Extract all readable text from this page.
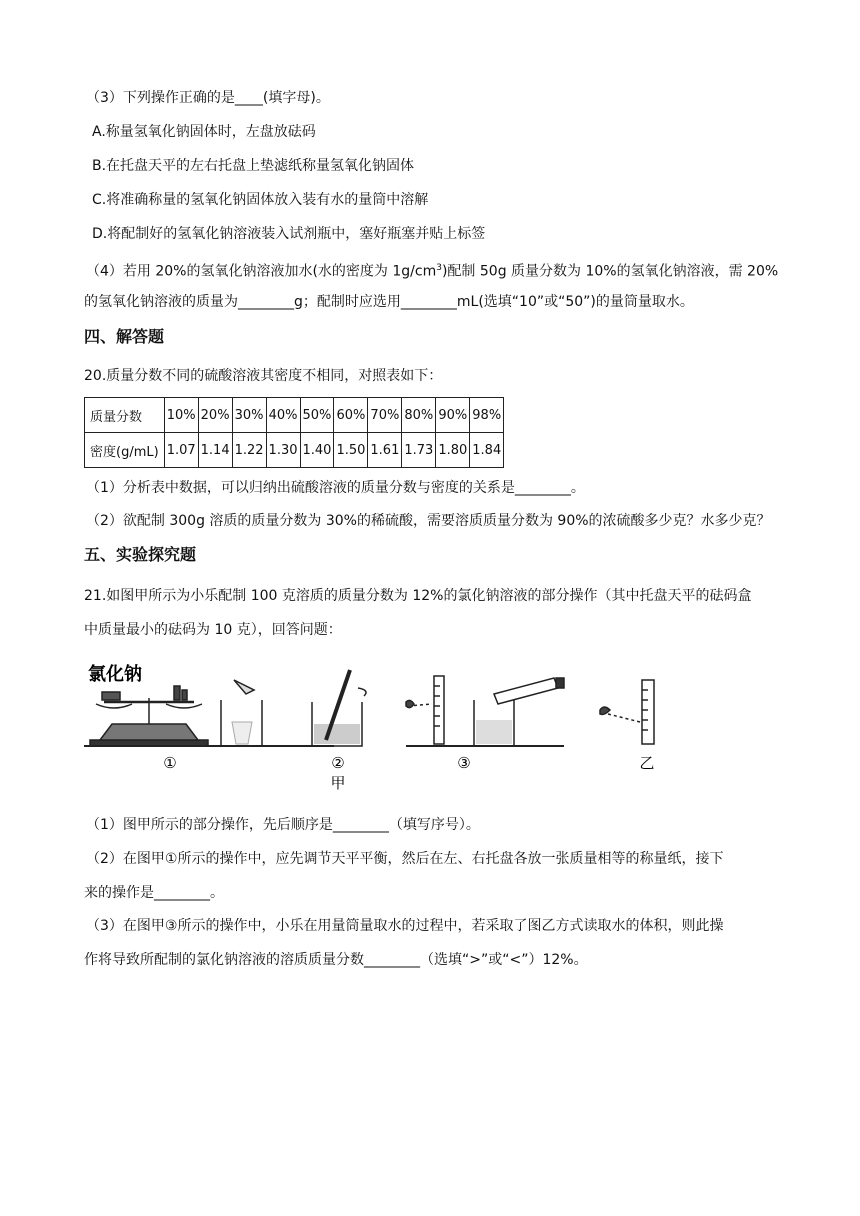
（3）下列操作正确的是____(填字母)。
A.称量氢氧化钠固体时，左盘放砝码
B.在托盘天平的左右托盘上垫滤纸称量氢氧化钠固体
C.将准确称量的氢氧化钠固体放入装有水的量筒中溶解
D.将配制好的氢氧化钠溶液装入试剂瓶中，塞好瓶塞并贴上标签
（4）若用 20%的氢氧化钠溶液加水(水的密度为 $1g/cm^3$)配制 50g 质量分数为 10%的氢氧化钠溶液，需 20%
的氢氧化钠溶液的质量为________g；配制时应选用________mL(选填“10”或“50”)的量筒量取水。
四、解答题
20.质量分数不同的硫酸溶液其密度不相同，对照表如下：
质量分数	10%	20%	30%	40%	50%	60%	70%	80%	90%	98%
密度(g/mL)	1.07	1.14	1.22	1.30	1.40	1.50	1.61	1.73	1.80	1.84
（1）分析表中数据，可以归纳出硫酸溶液的质量分数与密度的关系是________。
（2）欲配制 300g 溶质的质量分数为 30%的稀硫酸，需要溶质质量分数为 90%的浓硫酸多少克？水多少克？
五、实验探究题
21.如图甲所示为小乐配制 100 克溶质的质量分数为 12%的氯化钠溶液的部分操作（其中托盘天平的砝码盒
中质量最小的砝码为 10 克），回答问题：
氯化钠
①	②
甲
③	乙
（1）图甲所示的部分操作，先后顺序是________（填写序号）。
（2）在图甲①所示的操作中，应先调节天平平衡，然后在左、右托盘各放一张质量相等的称量纸，接下
来的操作是________。
（3）在图甲③所示的操作中，小乐在用量筒量取水的过程中，若采取了图乙方式读取水的体积，则此操
作将导致所配制的氯化钠溶液的溶质质量分数________（选填“>”或“<”）12%。
